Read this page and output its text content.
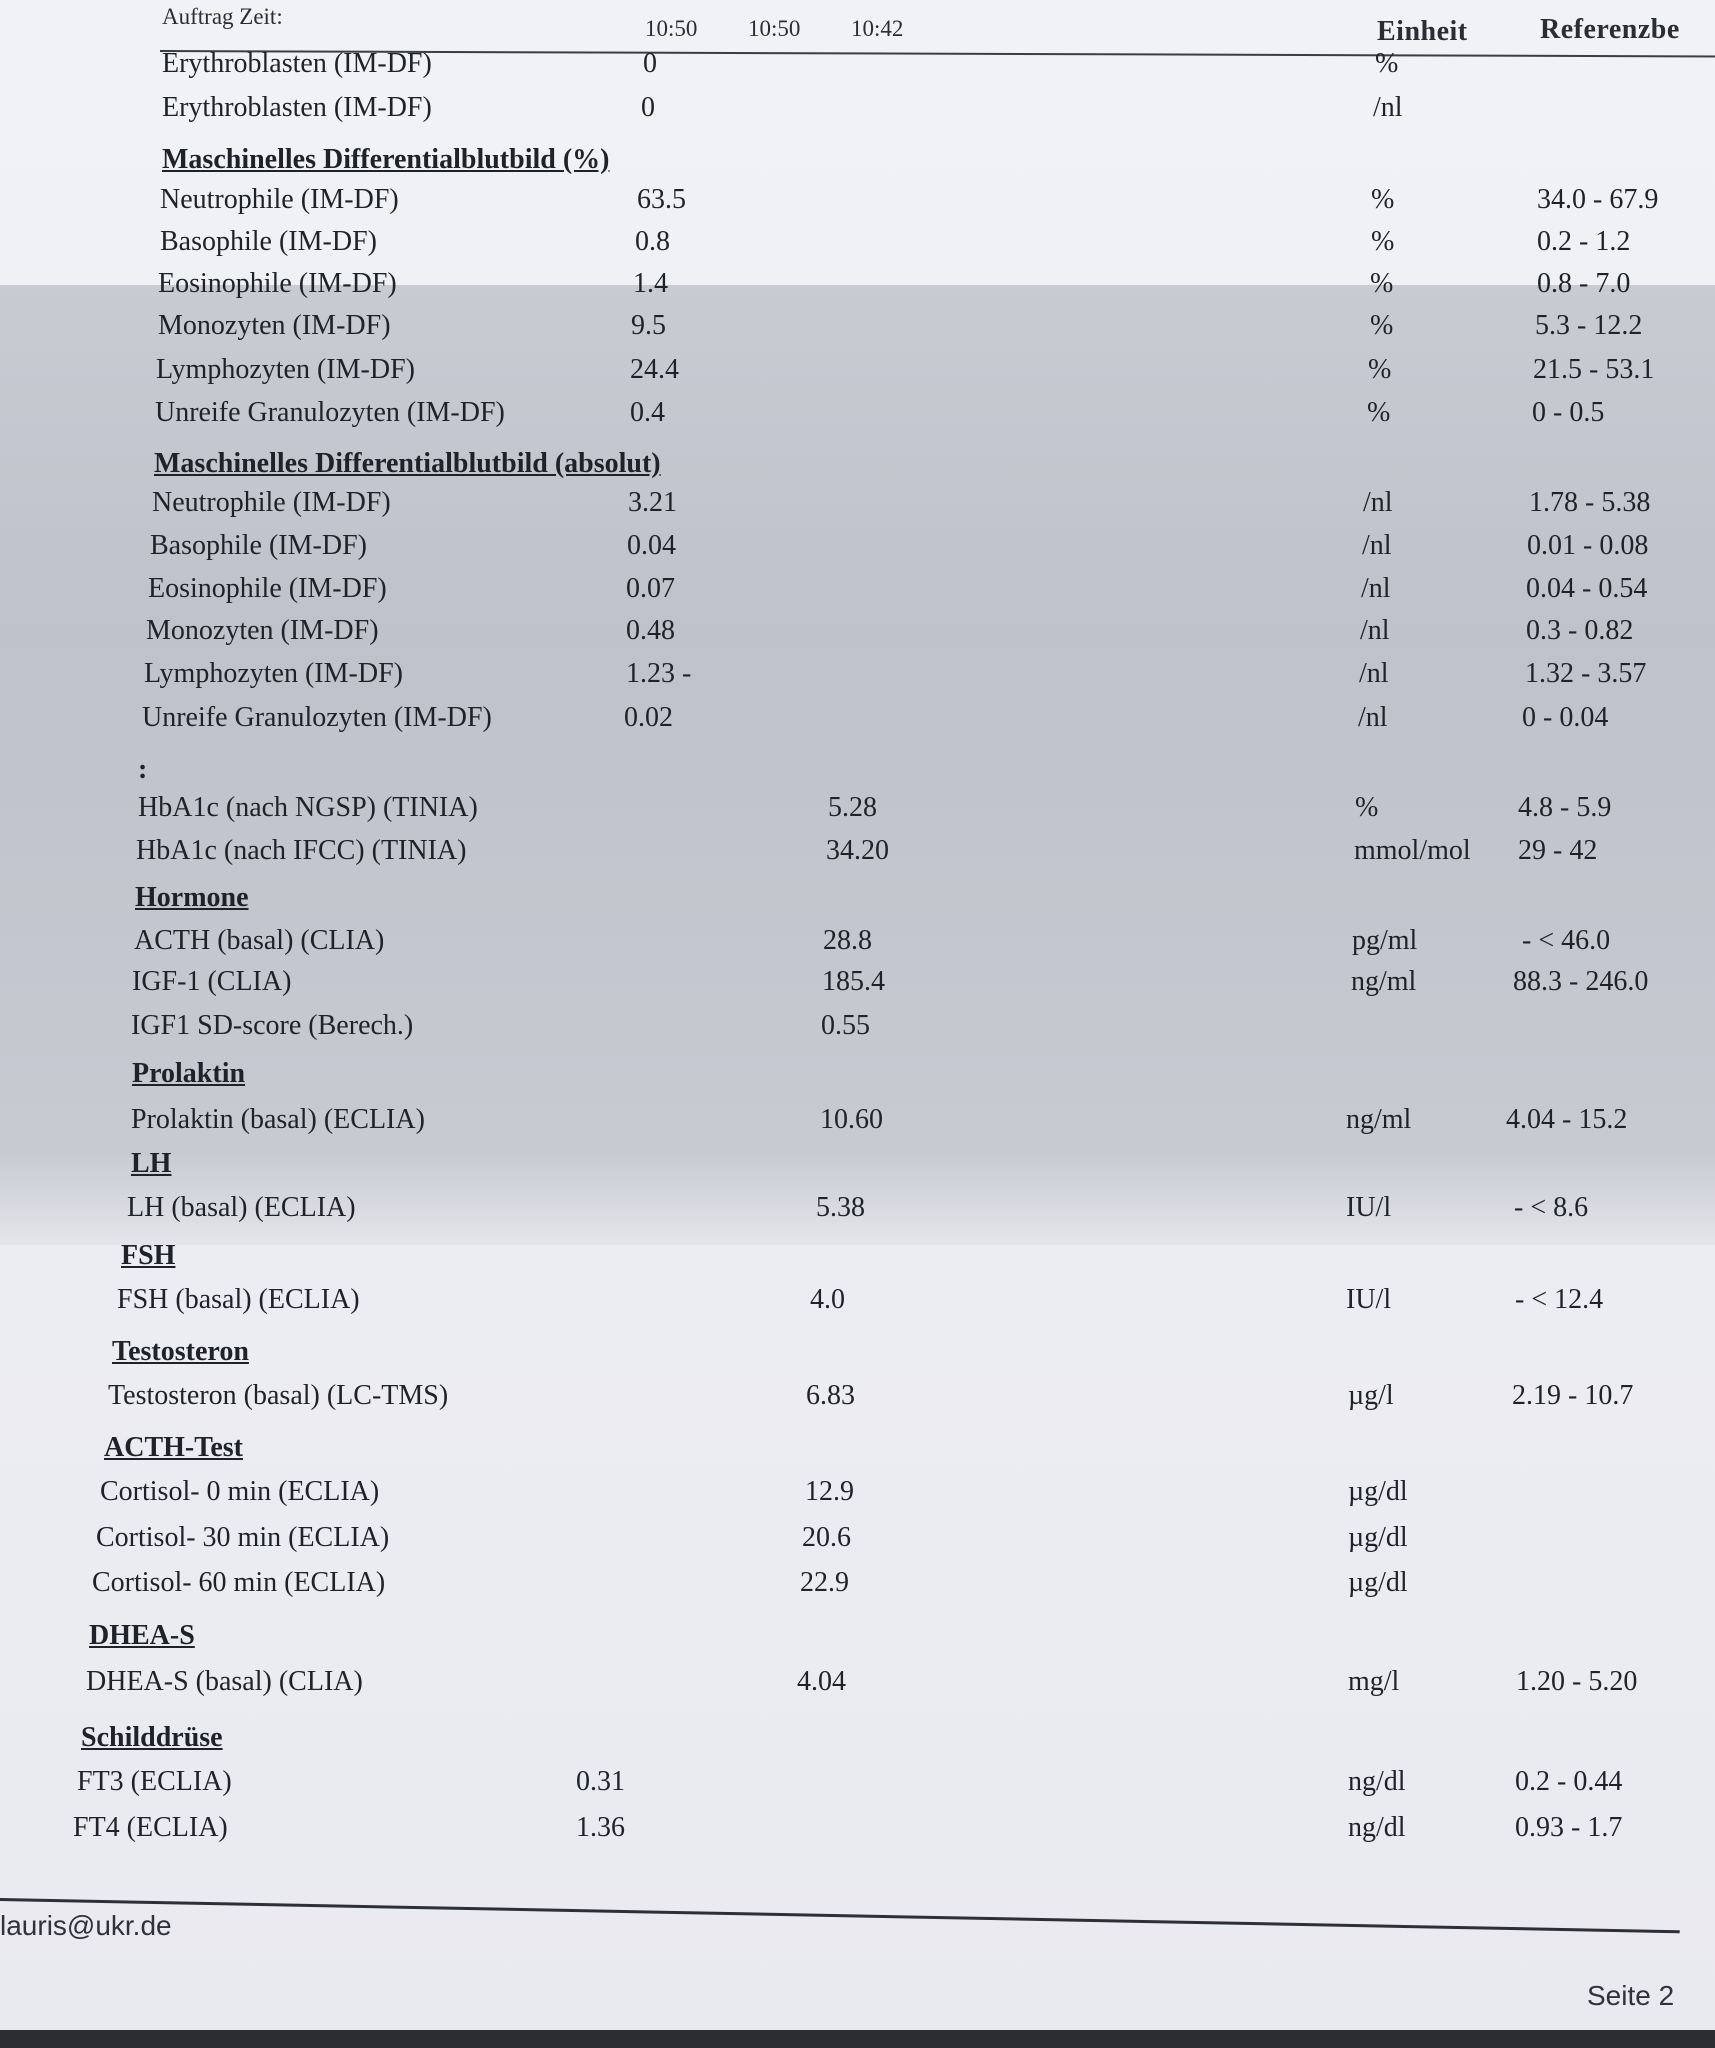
Auftrag Zeit:	10:50 10:50 10:42	Einheit	Referenzbe
Erythroblasten (IM-DF)	0	%
Erythroblasten (IM-DF)	0	/nl
Maschinelles Differentialblutbild (%)
Neutrophile (IM-DF)	63.5	%	34.0 - 67.9
Basophile (IM-DF)	0.8	%	0.2 - 1.2
Eosinophile (IM-DF)	1.4	%	0.8 - 7.0
Monozyten (IM-DF)	9.5	%	5.3 - 12.2
Lymphozyten (IM-DF)	24.4	%	21.5 - 53.1
Unreife Granulozyten (IM-DF)	0.4	%	0 - 0.5
Maschinelles Differentialblutbild (absolut)
Neutrophile (IM-DF)	3.21	/nl	1.78 - 5.38
Basophile (IM-DF)	0.04	/nl	0.01 - 0.08
Eosinophile (IM-DF)	0.07	/nl	0.04 - 0.54
Monozyten (IM-DF)	0.48	/nl	0.3 - 0.82
Lymphozyten (IM-DF)	1.23 -	/nl	1.32 - 3.57
Unreife Granulozyten (IM-DF)	0.02	/nl	0 - 0.04
:
HbA1c (nach NGSP) (TINIA)	5.28	%	4.8 - 5.9
HbA1c (nach IFCC) (TINIA)	34.20	mmol/mol 29 - 42
Hormone
ACTH (basal) (CLIA)	28.8	pg/ml	- < 46.0
IGF-1 (CLIA)	185.4	ng/ml	88.3 - 246.0
IGF1 SD-score (Berech.)	0.55
Prolaktin
Prolaktin (basal) (ECLIA)	10.60	ng/ml	4.04 - 15.2
LH
LH (basal) (ECLIA)	5.38	IU/l	- < 8.6
FSH
FSH (basal) (ECLIA)	4.0	IU/l	- < 12.4
Testosteron
Testosteron (basal) (LC-TMS)	6.83	µg/l	2.19 - 10.7
ACTH-Test
Cortisol- 0 min (ECLIA)	12.9	µg/dl
Cortisol- 30 min (ECLIA)	20.6	µg/dl
Cortisol- 60 min (ECLIA)	22.9	µg/dl
DHEA-S
DHEA-S (basal) (CLIA)	4.04	mg/l	1.20 - 5.20
Schilddrüse
FT3 (ECLIA)	0.31	ng/dl	0.2 - 0.44
FT4 (ECLIA)	1.36	ng/dl	0.93 - 1.7
lauris@ukr.de
Seite 2
